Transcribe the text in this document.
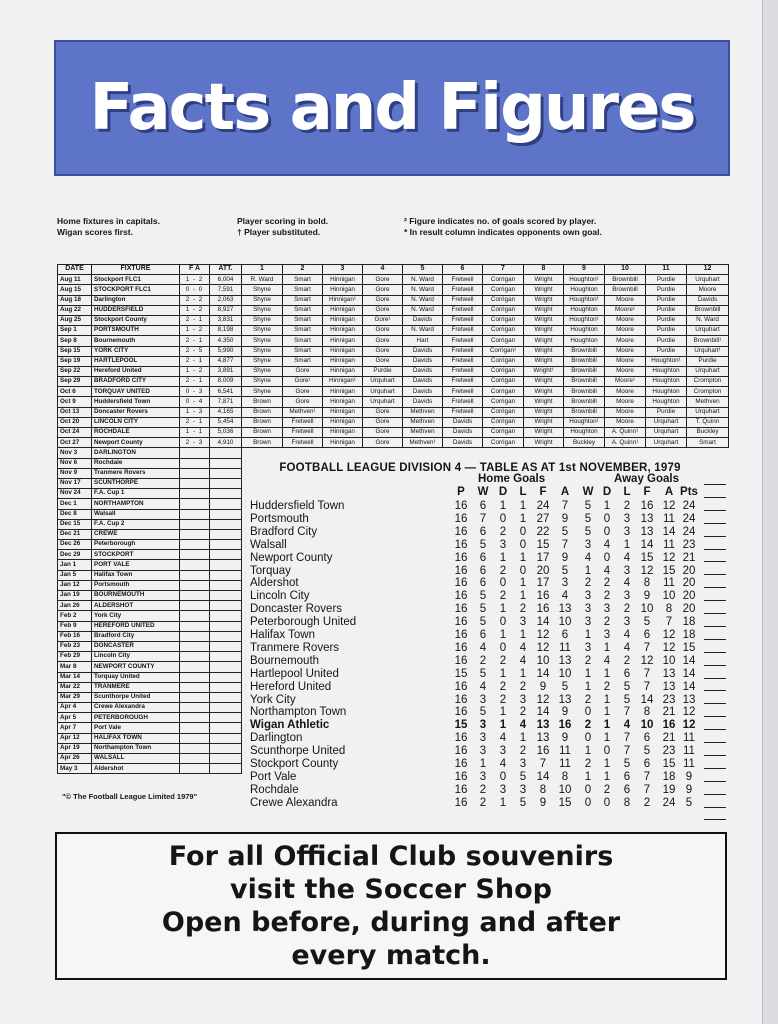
Facts and Figures
Home fixtures in capitals.
Wigan scores first.
Player scoring in bold.
† Player substituted.
² Figure indicates no. of goals scored by player.
* In result column indicates opponents own goal.
DATE	FIXTURE	F A	ATT.	1	2	3	4	5	6	7	8	9	10	11	12
Aug 11	Stockport FLC1	1 - 2	6,004	R. Ward	Smart	Hinnigan	Gore	N. Ward	Fretwell	Corrigan	Wright	Houghton¹	Brownbill	Purdie	Urquhart
Aug 15	STOCKPORT FLC1	0 - 0	7,591	Shyne	Smart	Hinnigan	Gore	N. Ward	Fretwell	Corrigan	Wright	Houghton	Brownbill	Purdie	Moore
Aug 18	Darlington	2 - 2	2,063	Shyne	Smart	Hinnigan¹	Gore	N. Ward	Fretwell	Corrigan	Wright	Houghton¹	Moore	Purdie	Davids
Aug 22	HUDDERSFIELD	1 - 2	8,927	Shyne	Smart	Hinnigan	Gore	N. Ward	Fretwell	Corrigan	Wright	Houghton	Moore¹	Purdie	Brownbill
Aug 25	Stockport County	2 - 1	3,831	Shyne	Smart	Hinnigan	Gore¹	Davids	Fretwell	Corrigan	Wright	Houghton¹	Moore	Purdie	N. Ward
Sep 1	PORTSMOUTH	1 - 2	8,198	Shyne	Smart	Hinnigan	Gore	N. Ward	Fretwell	Corrigan	Wright	Houghton	Moore	Purdie	Urquhart
Sep 8	Bournemouth	2 - 1	4,350	Shyne	Smart	Hinnigan	Gore	Hart	Fretwell	Corrigan	Wright	Houghton	Moore	Purdie	Brownbill¹
Sep 15	YORK CITY	2 - 5	5,990	Shyne	Smart	Hinnigan	Gore	Davids	Fretwell	Corrigan¹	Wright	Brownbill	Moore	Purdie	Urquhart¹
Sep 19	HARTLEPOOL	2 - 1	4,877	Shyne	Smart	Hinnigan	Gore	Davids	Fretwell	Corrigan	Wright	Brownbill	Moore	Houghton¹	Purdie
Sep 22	Hereford United	1 - 2	3,891	Shyne	Gore	Hinnigan	Purdie	Davids	Fretwell	Corrigan	Wright¹	Brownbill	Moore	Houghton	Urquhart
Sep 29	BRADFORD CITY	2 - 1	8,009	Shyne	Gore¹	Hinnigan¹	Urquhart	Davids	Fretwell	Corrigan	Wright	Brownbill	Moore¹	Houghton	Crompton
Oct 6	TORQUAY UNITED	0 - 3	6,541	Shyne	Gore	Hinnigan	Urquhart	Davids	Fretwell	Corrigan	Wright	Brownbill	Moore	Houghton	Crompton
Oct 9	Huddersfield Town	0 - 4	7,871	Brown	Gore	Hinnigan	Urquhart	Davids	Fretwell	Corrigan	Wright	Brownbill	Moore	Houghton	Methven
Oct 13	Doncaster Rovers	1 - 3	4,165	Brown	Methven¹	Hinnigan	Gore	Methven	Fretwell	Corrigan	Wright	Brownbill	Moore	Purdie	Urquhart
Oct 20	LINCOLN CITY	2 - 1	5,454	Brown	Fretwell	Hinnigan	Gore	Methven	Davids	Corrigan	Wright	Houghton¹	Moore	Urquhart	T. Quinn
Oct 24	ROCHDALE	1 - 1	5,036	Brown	Fretwell	Hinnigan	Gore	Methven	Davids	Corrigan	Wright	Houghton	A. Quinn¹	Urquhart	Buckley
Oct 27	Newport County	2 - 3	4,910	Brown	Fretwell	Hinnigan	Gore	Methven¹	Davids	Corrigan	Wright	Buckley	A. Quinn¹	Urquhart	Smart
Nov 3	DARLINGTON														
Nov 6	Rochdale														
Nov 9	Tranmere Rovers														
Nov 17	SCUNTHORPE														
Nov 24	F.A. Cup 1														
Dec 1	NORTHAMPTON														
Dec 8	Walsall														
Dec 15	F.A. Cup 2														
Dec 21	CREWE														
Dec 26	Peterborough														
Dec 29	STOCKPORT														
Jan 1	PORT VALE														
Jan 5	Halifax Town														
Jan 12	Portsmouth														
Jan 19	BOURNEMOUTH														
Jan 26	ALDERSHOT														
Feb 2	York City														
Feb 9	HEREFORD UNITED														
Feb 16	Bradford City														
Feb 23	DONCASTER														
Feb 29	Lincoln City														
Mar 8	NEWPORT COUNTY														
Mar 14	Torquay United														
Mar 22	TRANMERE														
Mar 29	Scunthorpe United														
Apr 4	Crewe Alexandra														
Apr 5	PETERBOROUGH														
Apr 7	Port Vale														
Apr 12	HALIFAX TOWN														
Apr 19	Northampton Town														
Apr 26	WALSALL														
May 3	Aldershot														
FOOTBALL LEAGUE DIVISION 4 — TABLE AS AT 1st NOVEMBER, 1979
Home Goals	Away Goals
P	W D	L	F	A	W D	L	F	A Pts
Huddersfield Town	16	6	1	1 24	7	5	1	2 16 12 24
Portsmouth	16	7	0	1 27	9	5	0	3 13 11 24
Bradford City	16	6	2	0 22	5	5	0	3 13 14 24
Walsall	16	5	3	0 15	7	3	4	1 14 11 23
Newport County	16	6	1	1 17	9	4	0	4 15 12 21
Torquay	16	6	2	0 20	5	1	4	3 12 15 20
Aldershot	16	6	0	1 17	3	2	2	4	8	11 20
Lincoln City	16	5	2	1 16	4	3	2	3	9	10 20
Doncaster Rovers	16	5	1	2 16 13	3	3	2 10	8 20
Peterborough United	16	5	0	3 14 10	3	2	3	5	7 18
Halifax Town	16	6	1	1 12	6	1	3	4	6	12 18
Tranmere Rovers	16	4	0	4 12 11	3	1	4	7	12 15
Bournemouth	16	2	2	4 10 13	2	4	2 12 10 14
Hartlepool United	15	5	1	1 14 10	1	1	6	7	13 14
Hereford United	16	4	2	2	9	5	1	2	5	7	13 14
York City	16	3	2	3 12 13	2	1	5 14 23 13
Northampton Town	16	5	1	2 14	9	0	1	7	8	21 12
Wigan Athletic	15	3	1	4 13 16	2	1	4 10 16 12
Darlington	16	3	4	1 13	9	0	1	7	6	21 11
Scunthorpe United	16	3	3	2 16 11	1	0	7	5	23 11
Stockport County	16	1	4	3	7	11	2	1	5	6	15 11
Port Vale	16	3	0	5 14	8	1	1	6	7	18 9
Rochdale	16	2	3	3	8	10	0	2	6	7	19 9
Crewe Alexandra	16	2	1	5	9	15	0	0	8	2	24 5
"© The Football League Limited 1979"
For all Official Club souvenirs
visit the Soccer Shop
Open before, during and after
every match.
